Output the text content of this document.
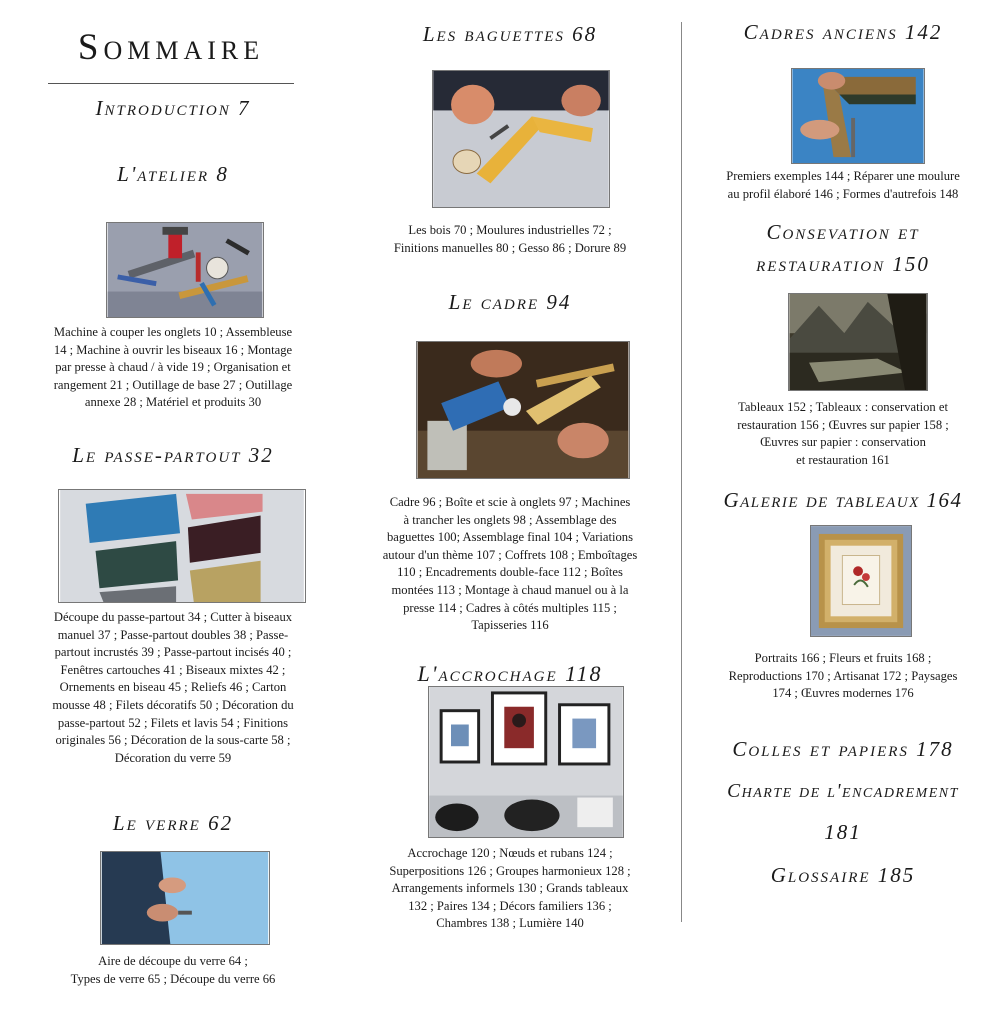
Sommaire
Introduction 7
L'atelier 8
Machine à couper les onglets 10 ; Assembleuse
14 ; Machine à ouvrir les biseaux 16 ; Montage
par presse à chaud / à vide 19 ; Organisation et
rangement 21 ; Outillage de base 27 ; Outillage
annexe 28 ; Matériel et produits 30
Le passe-partout 32
Découpe du passe-partout 34 ; Cutter à biseaux
manuel 37 ; Passe-partout doubles 38 ; Passe-
partout incrustés 39 ; Passe-partout incisés 40 ;
Fenêtres cartouches 41 ; Biseaux mixtes 42 ;
Ornements en biseau 45 ; Reliefs 46 ; Carton
mousse 48 ; Filets décoratifs 50 ; Décoration du
passe-partout 52 ; Filets et lavis 54 ; Finitions
originales 56 ; Décoration de la sous-carte 58 ;
Décoration du verre 59
Le verre 62
Aire de découpe du verre 64 ;
Types de verre 65 ; Découpe du verre 66
Les baguettes 68
Les bois 70 ; Moulures industrielles 72 ;
Finitions manuelles 80 ; Gesso 86 ; Dorure 89
Le cadre 94
Cadre 96 ; Boîte et scie à onglets 97 ; Machines
à trancher les onglets 98 ; Assemblage des
baguettes 100; Assemblage final 104 ; Variations
autour d'un thème 107 ; Coffrets 108 ; Emboîtages
110 ; Encadrements double-face 112 ; Boîtes
montées 113 ; Montage à chaud manuel ou à la
presse 114 ; Cadres à côtés multiples 115 ;
Tapisseries 116
L'accrochage 118
Accrochage 120 ; Nœuds et rubans 124 ;
Superpositions 126 ; Groupes harmonieux 128 ;
Arrangements informels 130 ; Grands tableaux
132 ; Paires 134 ; Décors familiers 136 ;
Chambres 138 ; Lumière 140
Cadres anciens 142
Premiers exemples 144 ; Réparer une moulure
au profil élaboré 146 ; Formes d'autrefois 148
Consevation et
restauration 150
Tableaux 152 ; Tableaux : conservation et
restauration 156 ; Œuvres sur papier 158 ;
Œuvres sur papier : conservation
et restauration 161
Galerie de tableaux 164
Portraits 166 ; Fleurs et fruits 168 ;
Reproductions 170 ; Artisanat 172 ; Paysages
174 ; Œuvres modernes 176
Colles et papiers 178
Charte de l'encadrement
181
Glossaire 185
